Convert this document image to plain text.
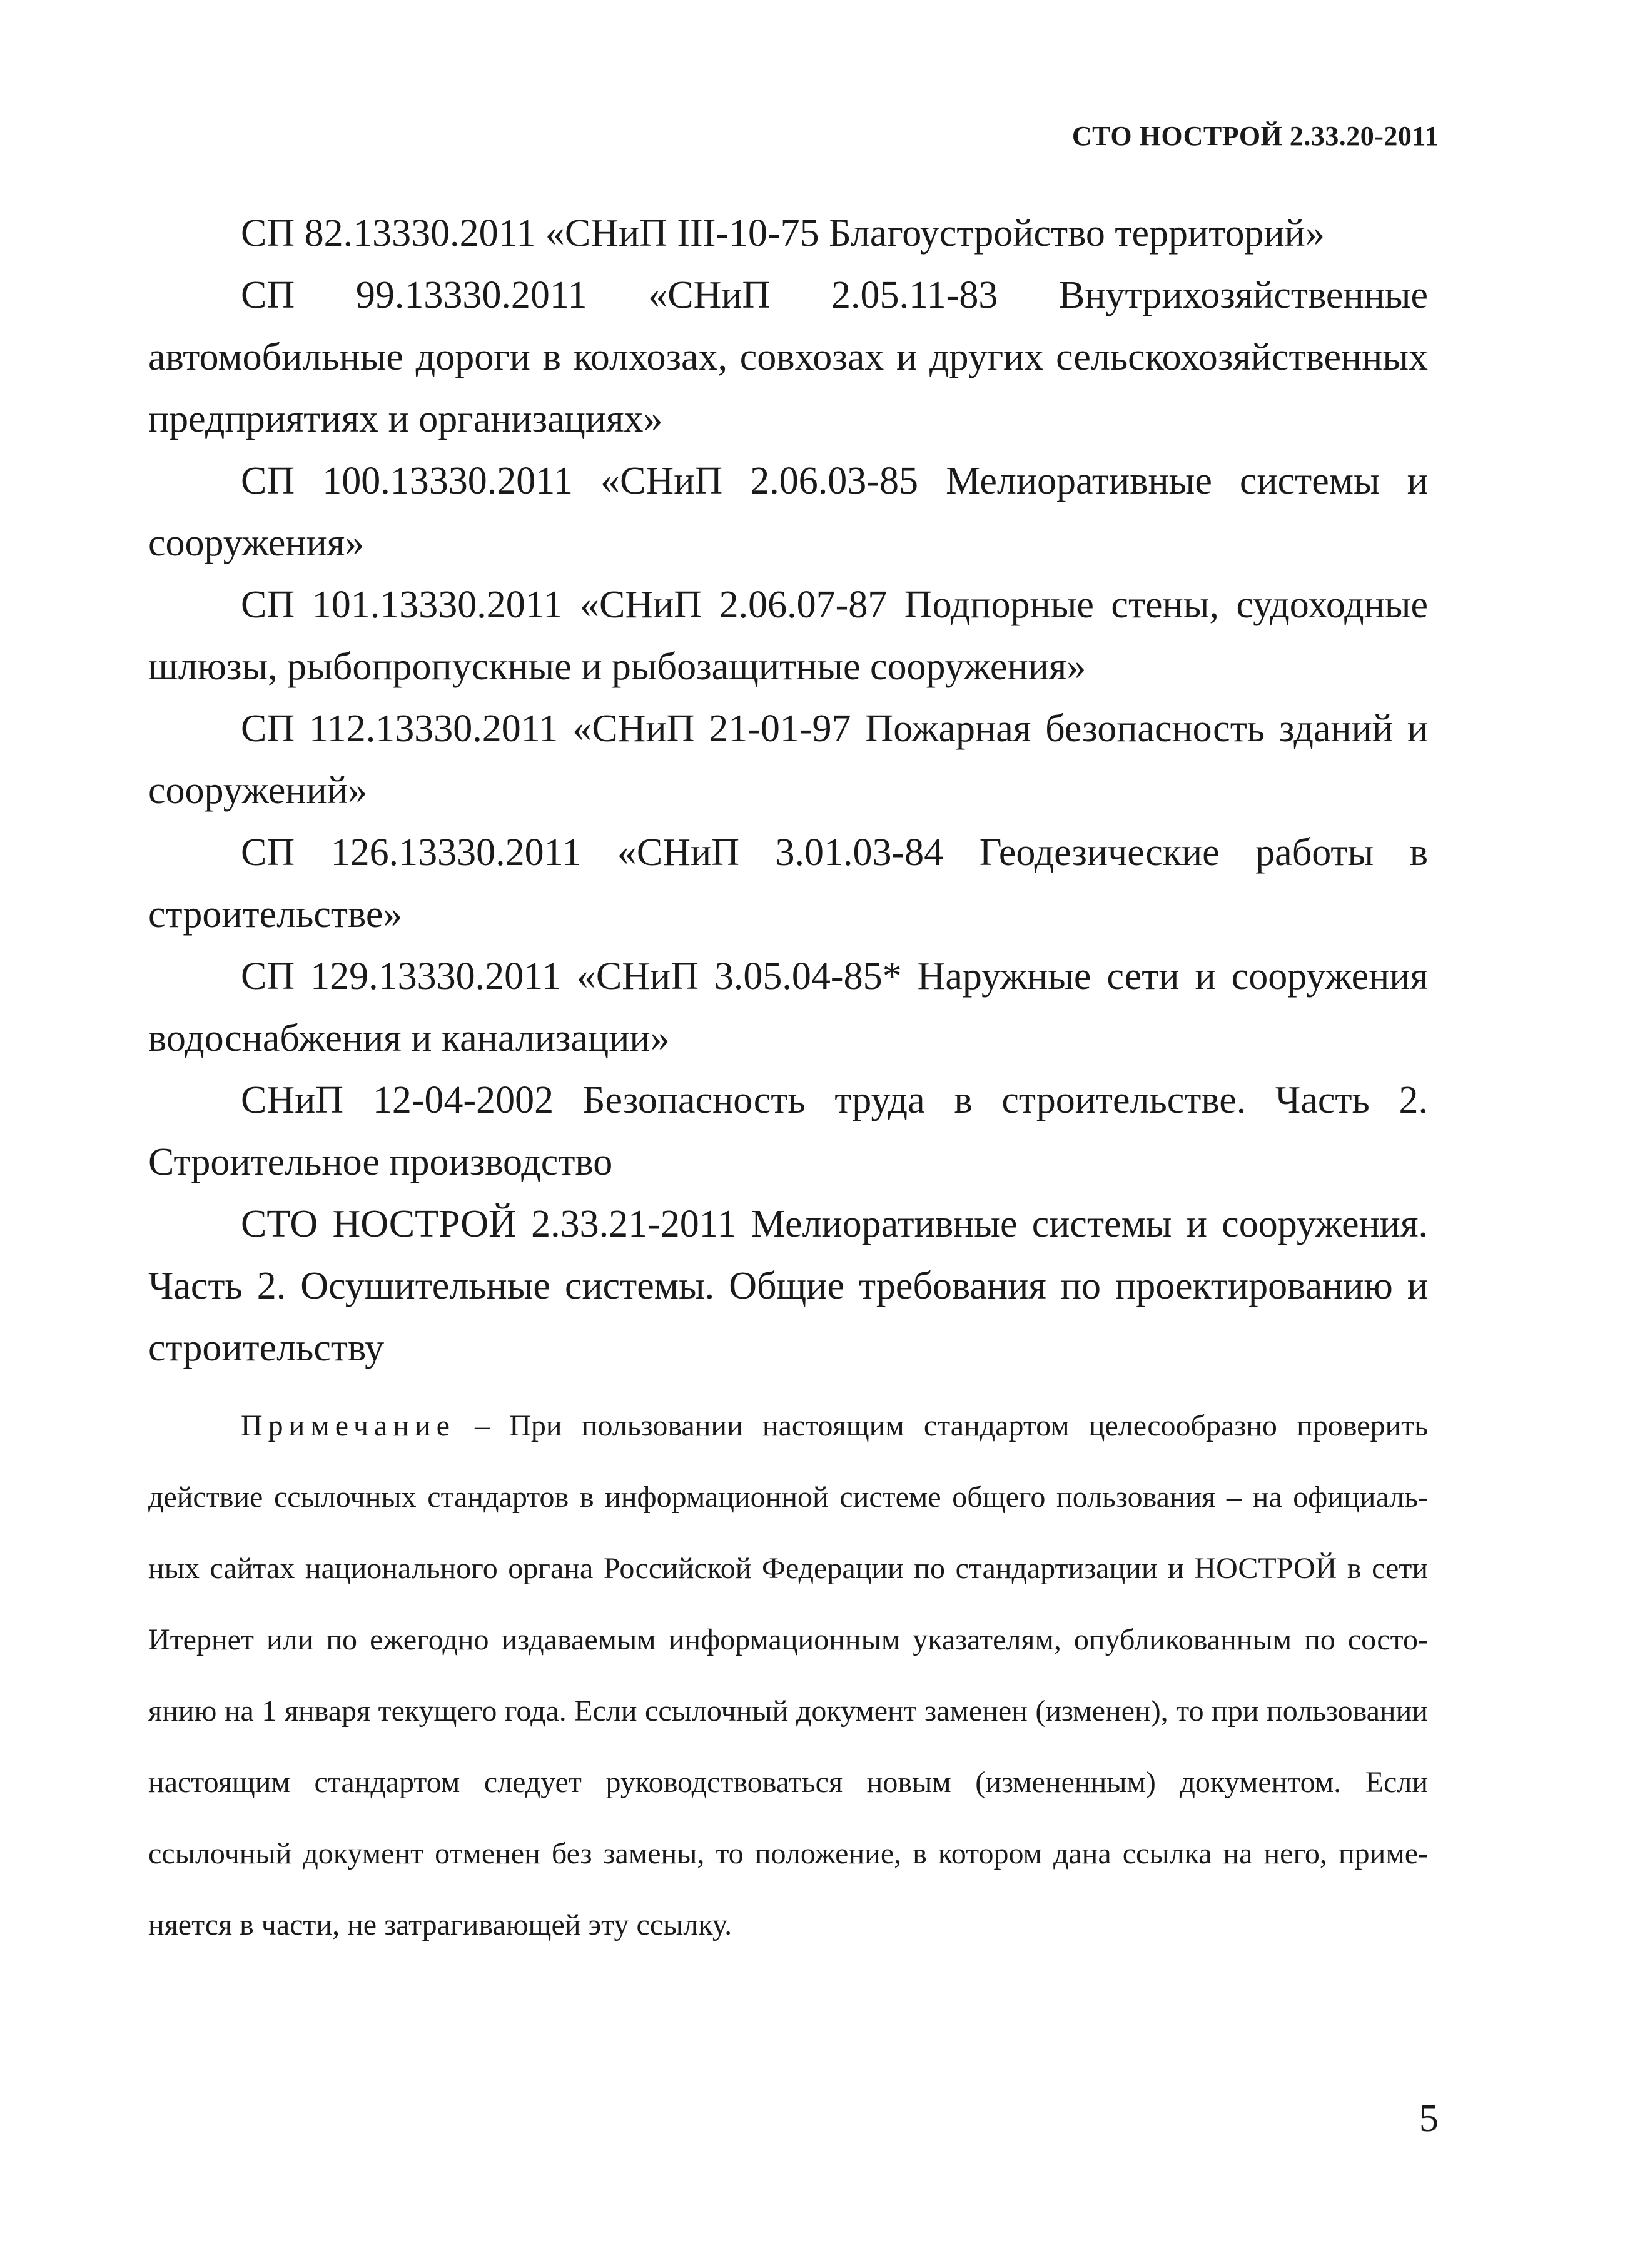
СТО НОСТРОЙ 2.33.20-2011

СП 82.13330.2011 «СНиП III-10-75 Благоустройство территорий»

СП 99.13330.2011 «СНиП 2.05.11-83 Внутрихозяйственные автомобильные дороги в колхозах, совхозах и других сельскохозяйственных предприятиях и организациях»

СП 100.13330.2011 «СНиП 2.06.03-85 Мелиоративные системы и сооружения»

СП 101.13330.2011 «СНиП 2.06.07-87 Подпорные стены, судоходные шлюзы, рыбопропускные и рыбозащитные сооружения»

СП 112.13330.2011 «СНиП 21-01-97 Пожарная безопасность зданий и сооружений»

СП 126.13330.2011 «СНиП 3.01.03-84 Геодезические работы в строительстве»

СП 129.13330.2011 «СНиП 3.05.04-85* Наружные сети и сооружения водоснабжения и канализации»

СНиП 12-04-2002 Безопасность труда в строительстве. Часть 2. Строительное производство

СТО НОСТРОЙ 2.33.21-2011 Мелиоративные системы и сооружения. Часть 2. Осушительные системы. Общие требования по проектированию и строительству

Примечание – При пользовании настоящим стандартом целесообразно проверить действие ссылочных стандартов в информационной системе общего пользования – на официальных сайтах национального органа Российской Федерации по стандартизации и НОСТРОЙ в сети Итернет или по ежегодно издаваемым информационным указателям, опубликованным по состоянию на 1 января текущего года. Если ссылочный документ заменен (изменен), то при пользовании настоящим стандартом следует руководствоваться новым (измененным) документом. Если ссылочный документ отменен без замены, то положение, в котором дана ссылка на него, применяется в части, не затрагивающей эту ссылку.

5
